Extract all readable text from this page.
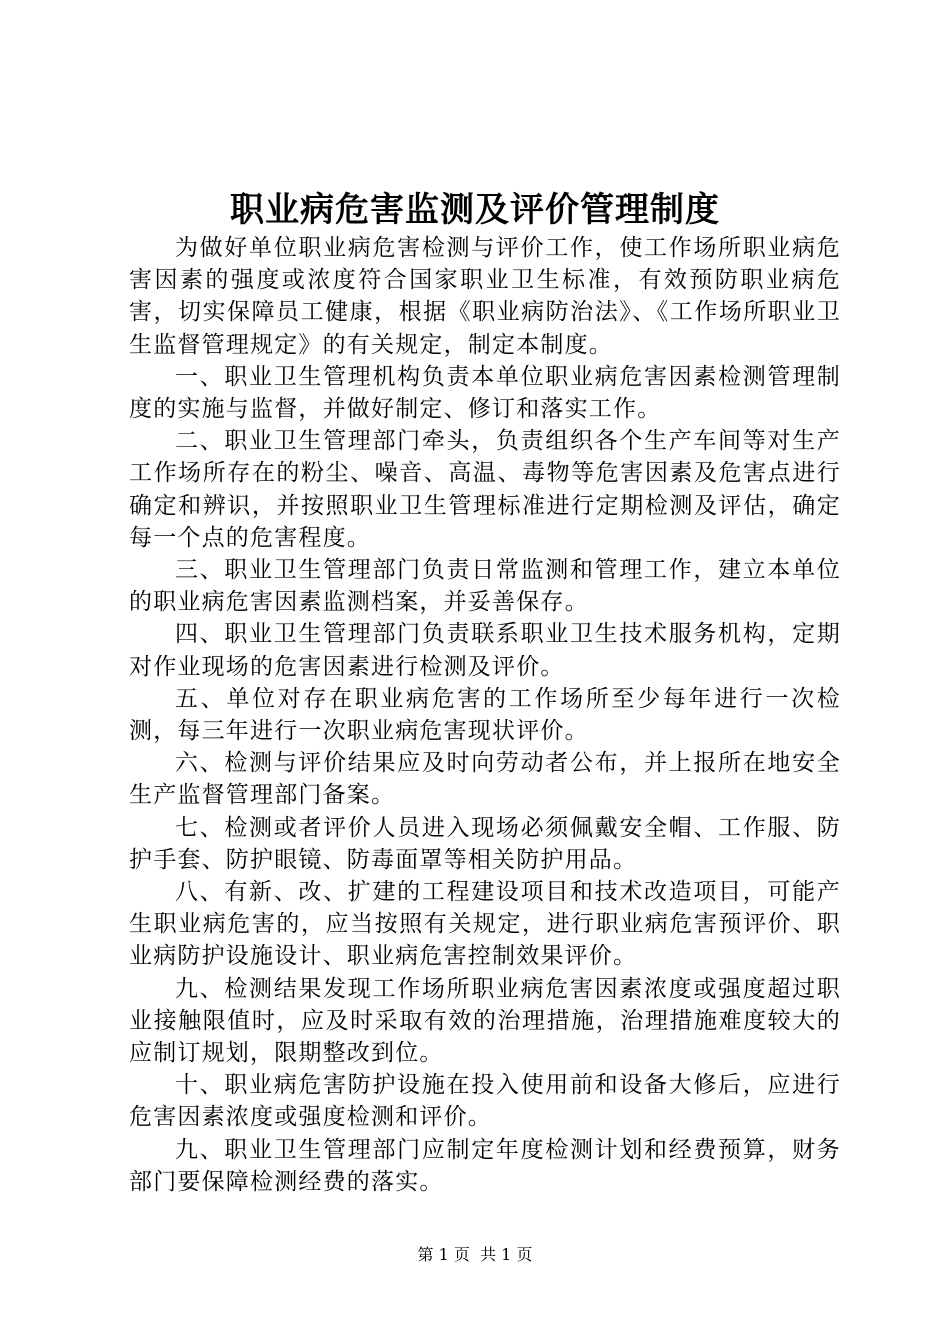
职业病危害监测及评价管理制度

为做好单位职业病危害检测与评价工作，使工作场所职业病危害因素的强度或浓度符合国家职业卫生标准，有效预防职业病危害，切实保障员工健康，根据《职业病防治法》、《工作场所职业卫生监督管理规定》的有关规定，制定本制度。

一、职业卫生管理机构负责本单位职业病危害因素检测管理制度的实施与监督，并做好制定、修订和落实工作。

二、职业卫生管理部门牵头，负责组织各个生产车间等对生产工作场所存在的粉尘、噪音、高温、毒物等危害因素及危害点进行确定和辨识，并按照职业卫生管理标准进行定期检测及评估，确定每一个点的危害程度。

三、职业卫生管理部门负责日常监测和管理工作，建立本单位的职业病危害因素监测档案，并妥善保存。

四、职业卫生管理部门负责联系职业卫生技术服务机构，定期对作业现场的危害因素进行检测及评价。

五、单位对存在职业病危害的工作场所至少每年进行一次检测，每三年进行一次职业病危害现状评价。

六、检测与评价结果应及时向劳动者公布，并上报所在地安全生产监督管理部门备案。

七、检测或者评价人员进入现场必须佩戴安全帽、工作服、防护手套、防护眼镜、防毒面罩等相关防护用品。

八、有新、改、扩建的工程建设项目和技术改造项目，可能产生职业病危害的，应当按照有关规定，进行职业病危害预评价、职业病防护设施设计、职业病危害控制效果评价。

九、检测结果发现工作场所职业病危害因素浓度或强度超过职业接触限值时，应及时采取有效的治理措施，治理措施难度较大的应制订规划，限期整改到位。

十、职业病危害防护设施在投入使用前和设备大修后，应进行危害因素浓度或强度检测和评价。

九、职业卫生管理部门应制定年度检测计划和经费预算，财务部门要保障检测经费的落实。

第 1 页 共 1 页
